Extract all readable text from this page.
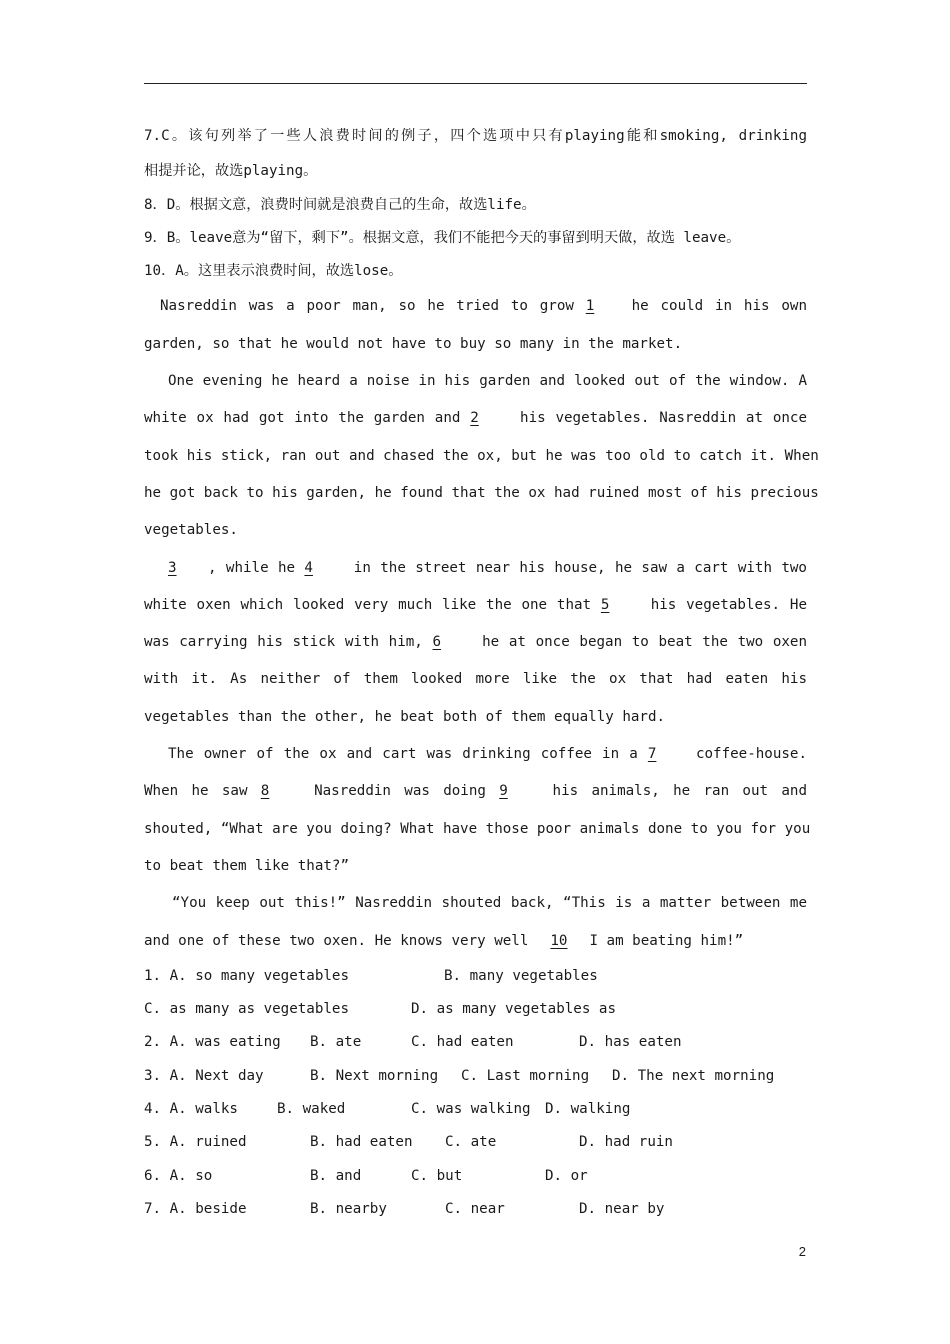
7.C。该句列举了一些人浪费时间的例子，四个选项中只有playing能和smoking, drinking
相提并论，故选playing。
8．D。根据文意，浪费时间就是浪费自己的生命，故选life。
9．B。leave意为“留下，剩下”。根据文意，我们不能把今天的事留到明天做，故选 leave。
10．A。这里表示浪费时间，故选lose。
Nasreddin was a poor man, so he tried to grow 1 he could in his own
garden, so that he would not have to buy so many in the market.
One evening he heard a noise in his garden and looked out of the window. A
white ox had got into the garden and 2 his vegetables. Nasreddin at once
took his stick, ran out and chased the ox, but he was too old to catch it. When
he got back to his garden, he found that the ox had ruined most of his precious
vegetables.
3 , while he 4 in the street near his house, he saw a cart with two
white oxen which looked very much like the one that 5 his vegetables. He
was carrying his stick with him, 6 he at once began to beat the two oxen
with it. As neither of them looked more like the ox that had eaten his
vegetables than the other, he beat both of them equally hard.
The owner of the ox and cart was drinking coffee in a 7 coffee-house.
When he saw 8 Nasreddin was doing 9 his animals, he ran out and
shouted, “What are you doing? What have those poor animals done to you for you
to beat them like that?”
“You keep out this!” Nasreddin shouted back, “This is a matter between me
and one of these two oxen. He knows very well 10 I am beating him!”
1. A. so many vegetables	B. many vegetables
C. as many as vegetables	D. as many vegetables as
2. A. was eating	B. ate	C. had eaten	D. has eaten
3. A. Next day	B. Next morning	C. Last morning	D. The next morning
4. A. walks	B. waked	C. was walking	D. walking
5. A. ruined	B. had eaten	C. ate	D. had ruin
6. A. so	B. and	C. but	D. or
7. A. beside	B. nearby	C. near	D. near by
2
